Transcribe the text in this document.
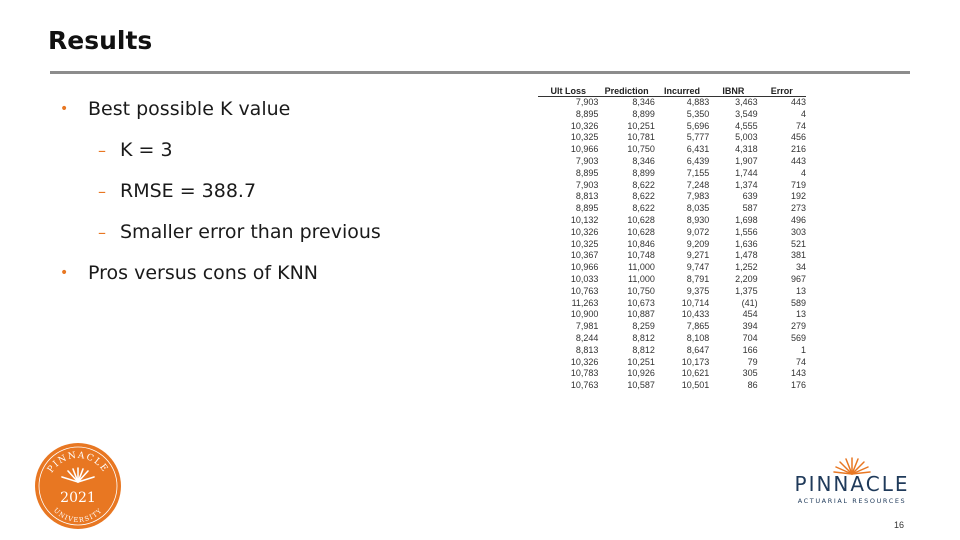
Results
•	Best possible K value
– K = 3
– RMSE = 388.7
– Smaller error than previous
•	Pros versus cons of KNN
Ult Loss	Prediction	Incurred	IBNR	Error
7,903	8,346	4,883	3,463	443
8,895	8,899	5,350	3,549	4
10,326	10,251	5,696	4,555	74
10,325	10,781	5,777	5,003	456
10,966	10,750	6,431	4,318	216
7,903	8,346	6,439	1,907	443
8,895	8,899	7,155	1,744	4
7,903	8,622	7,248	1,374	719
8,813	8,622	7,983	639	192
8,895	8,622	8,035	587	273
10,132	10,628	8,930	1,698	496
10,326	10,628	9,072	1,556	303
10,325	10,846	9,209	1,636	521
10,367	10,748	9,271	1,478	381
10,966	11,000	9,747	1,252	34
10,033	11,000	8,791	2,209	967
10,763	10,750	9,375	1,375	13
11,263	10,673	10,714	(41)	589
10,900	10,887	10,433	454	13
7,981	8,259	7,865	394	279
8,244	8,812	8,108	704	569
8,813	8,812	8,647	166	1
10,326	10,251	10,173	79	74
10,783	10,926	10,621	305	143
10,763	10,587	10,501	86	176
PINNACLE
2021
UNIVERSITY
PINNACLE
ACTUARIAL RESOURCES
16
